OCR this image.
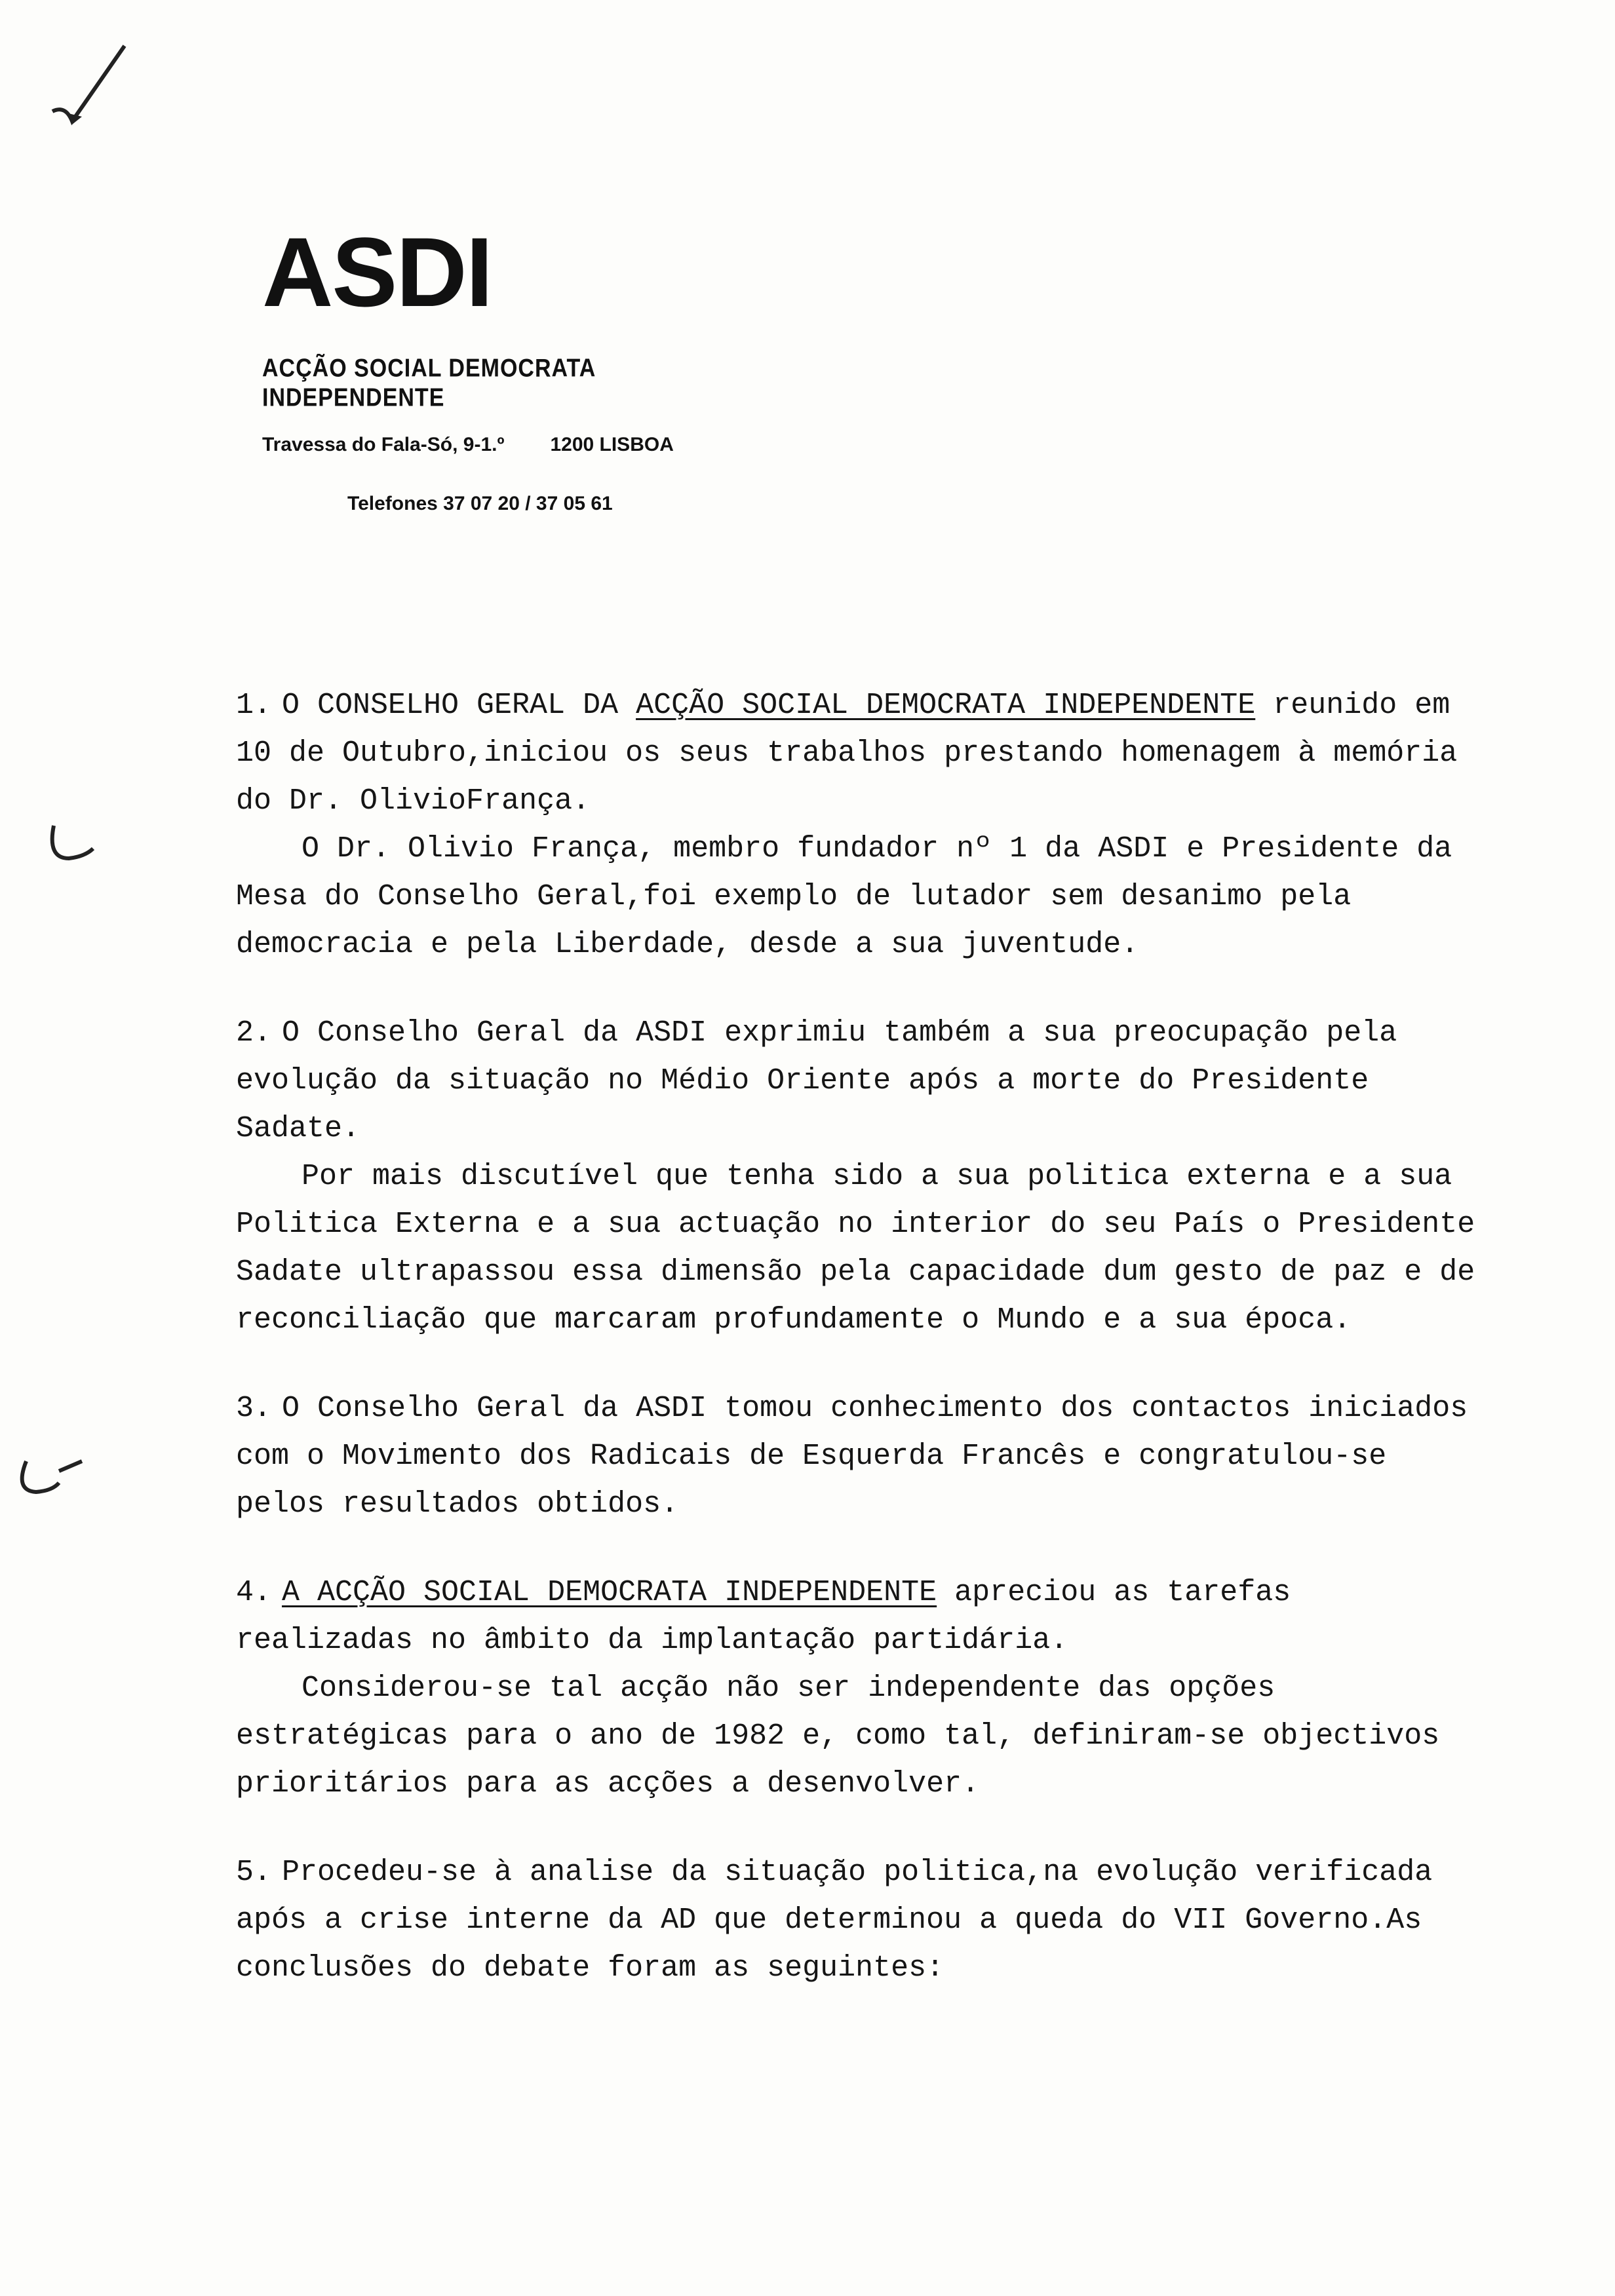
ASDI
ACÇÃO SOCIAL DEMOCRATA INDEPENDENTE
Travessa do Fala-Só, 9-1.º 1200 LISBOA
Telefones 37 07 20 / 37 05 61

1. O CONSELHO GERAL DA ACÇÃO SOCIAL DEMOCRATA INDEPENDENTE reunido em 10 de Outubro,iniciou os seus trabalhos prestando homenagem à memória do Dr. OlivioFrança.

O Dr. Olivio França, membro fundador nº 1 da ASDI e Presidente da Mesa do Conselho Geral,foi exemplo de lutador sem desanimo pela democracia e pela Liberdade, desde a sua juventude.

2. O Conselho Geral da ASDI exprimiu também a sua preocupação pela evolução da situação no Médio Oriente após a morte do Presidente Sadate.

Por mais discutível que tenha sido a sua politica externa e a sua Politica Externa e a sua actuação no interior do seu País o Presidente Sadate ultrapassou essa dimensão pela capacidade dum gesto de paz e de reconciliação que marcaram profundamente o Mundo e a sua época.

3. O Conselho Geral da ASDI tomou conhecimento dos contactos iniciados com o Movimento dos Radicais de Esquerda Francês e congratulou-se pelos resultados obtidos.

4. A ACÇÃO SOCIAL DEMOCRATA INDEPENDENTE apreciou as tarefas realizadas no âmbito da implantação partidária.

Considerou-se tal acção não ser independente das opções estratégicas para o ano de 1982 e, como tal, definiram-se objectivos prioritários para as acções a desenvolver.

5. Procedeu-se à analise da situação politica,na evolução verificada após a crise interne da AD que determinou a queda do VII Governo.As conclusões do debate foram as seguintes:
